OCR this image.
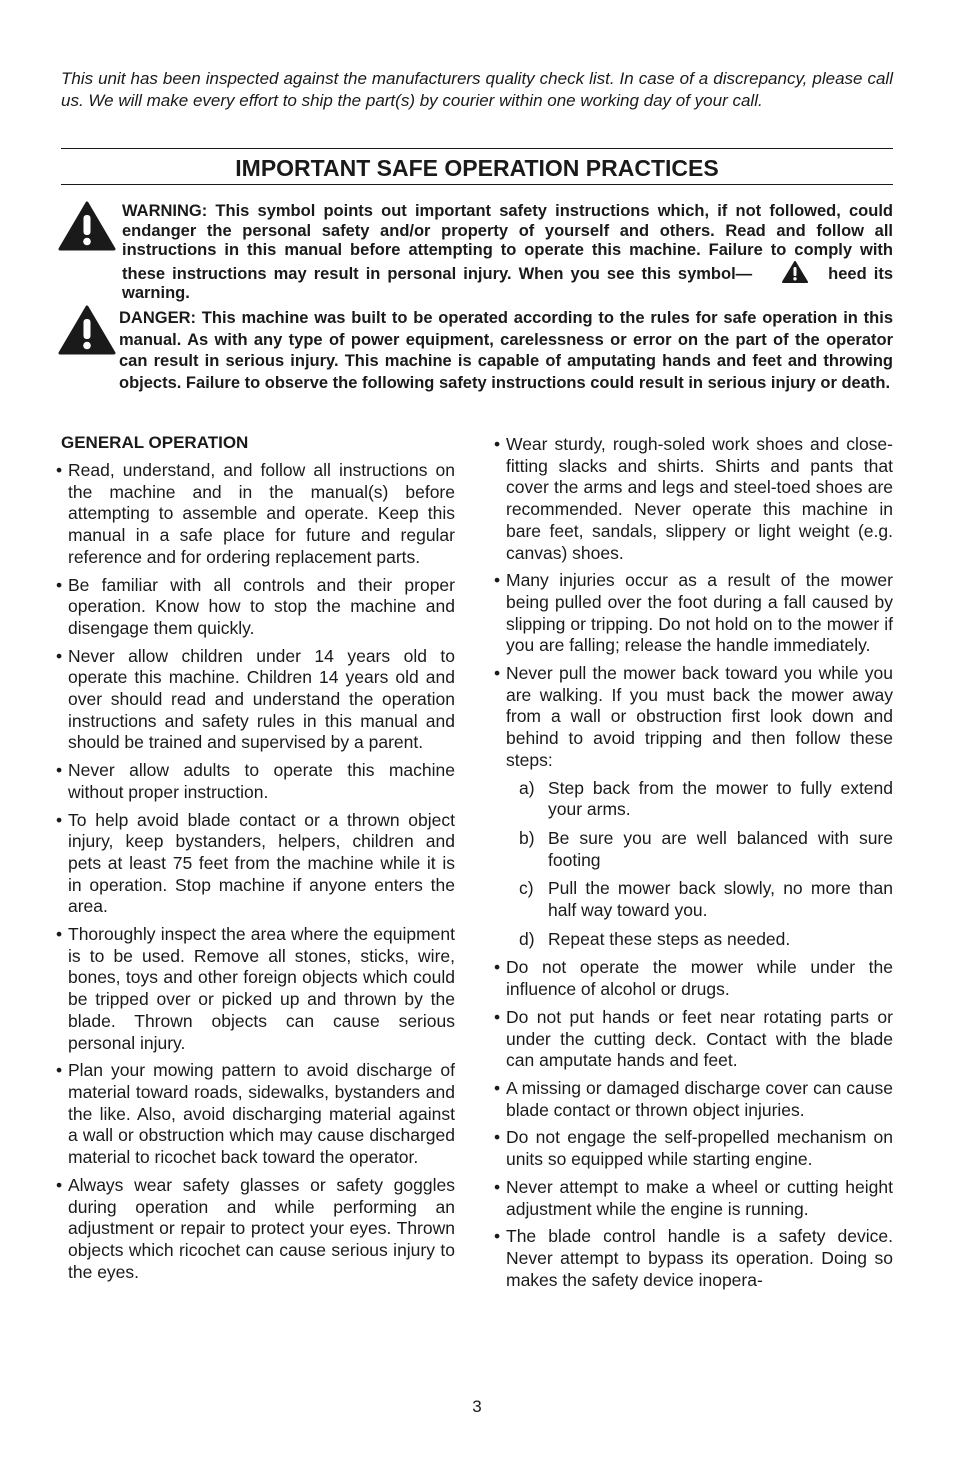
This unit has been inspected against the manufacturers quality check list. In case of a discrepancy, please call us. We will make every effort to ship the part(s) by courier within one working day of your call.

IMPORTANT SAFE OPERATION PRACTICES

WARNING: This symbol points out important safety instructions which, if not followed, could endanger the personal safety and/or property of yourself and others. Read and follow all instructions in this manual before attempting to operate this machine. Failure to comply with these instructions may result in personal injury. When you see this symbol—	heed its warning.

DANGER: This machine was built to be operated according to the rules for safe operation in this manual. As with any type of power equipment, carelessness or error on the part of the operator can result in serious injury. This machine is capable of amputating hands and feet and throwing objects. Failure to observe the following safety instructions could result in serious injury or death.

GENERAL OPERATION
• Read, understand, and follow all instructions on the machine and in the manual(s) before attempting to assemble and operate. Keep this manual in a safe place for future and regular reference and for ordering replacement parts.
• Be familiar with all controls and their proper operation. Know how to stop the machine and disengage them quickly.
• Never allow children under 14 years old to operate this machine. Children 14 years old and over should read and understand the operation instructions and safety rules in this manual and should be trained and supervised by a parent.
• Never allow adults to operate this machine without proper instruction.
• To help avoid blade contact or a thrown object injury, keep bystanders, helpers, children and pets at least 75 feet from the machine while it is in operation. Stop machine if anyone enters the area.
• Thoroughly inspect the area where the equipment is to be used. Remove all stones, sticks, wire, bones, toys and other foreign objects which could be tripped over or picked up and thrown by the blade. Thrown objects can cause serious personal injury.
• Plan your mowing pattern to avoid discharge of material toward roads, sidewalks, bystanders and the like. Also, avoid discharging material against a wall or obstruction which may cause discharged material to ricochet back toward the operator.
• Always wear safety glasses or safety goggles during operation and while performing an adjustment or repair to protect your eyes. Thrown objects which ricochet can cause serious injury to the eyes.
• Wear sturdy, rough-soled work shoes and close-fitting slacks and shirts. Shirts and pants that cover the arms and legs and steel-toed shoes are recommended. Never operate this machine in bare feet, sandals, slippery or light weight (e.g. canvas) shoes.
• Many injuries occur as a result of the mower being pulled over the foot during a fall caused by slipping or tripping. Do not hold on to the mower if you are falling; release the handle immediately.
• Never pull the mower back toward you while you are walking. If you must back the mower away from a wall or obstruction first look down and behind to avoid tripping and then follow these steps:
a) Step back from the mower to fully extend your arms.
b) Be sure you are well balanced with sure footing
c) Pull the mower back slowly, no more than half way toward you.
d) Repeat these steps as needed.
• Do not operate the mower while under the influence of alcohol or drugs.
• Do not put hands or feet near rotating parts or under the cutting deck. Contact with the blade can amputate hands and feet.
• A missing or damaged discharge cover can cause blade contact or thrown object injuries.
• Do not engage the self-propelled mechanism on units so equipped while starting engine.
• Never attempt to make a wheel or cutting height adjustment while the engine is running.
• The blade control handle is a safety device. Never attempt to bypass its operation. Doing so makes the safety device inopera-
3
